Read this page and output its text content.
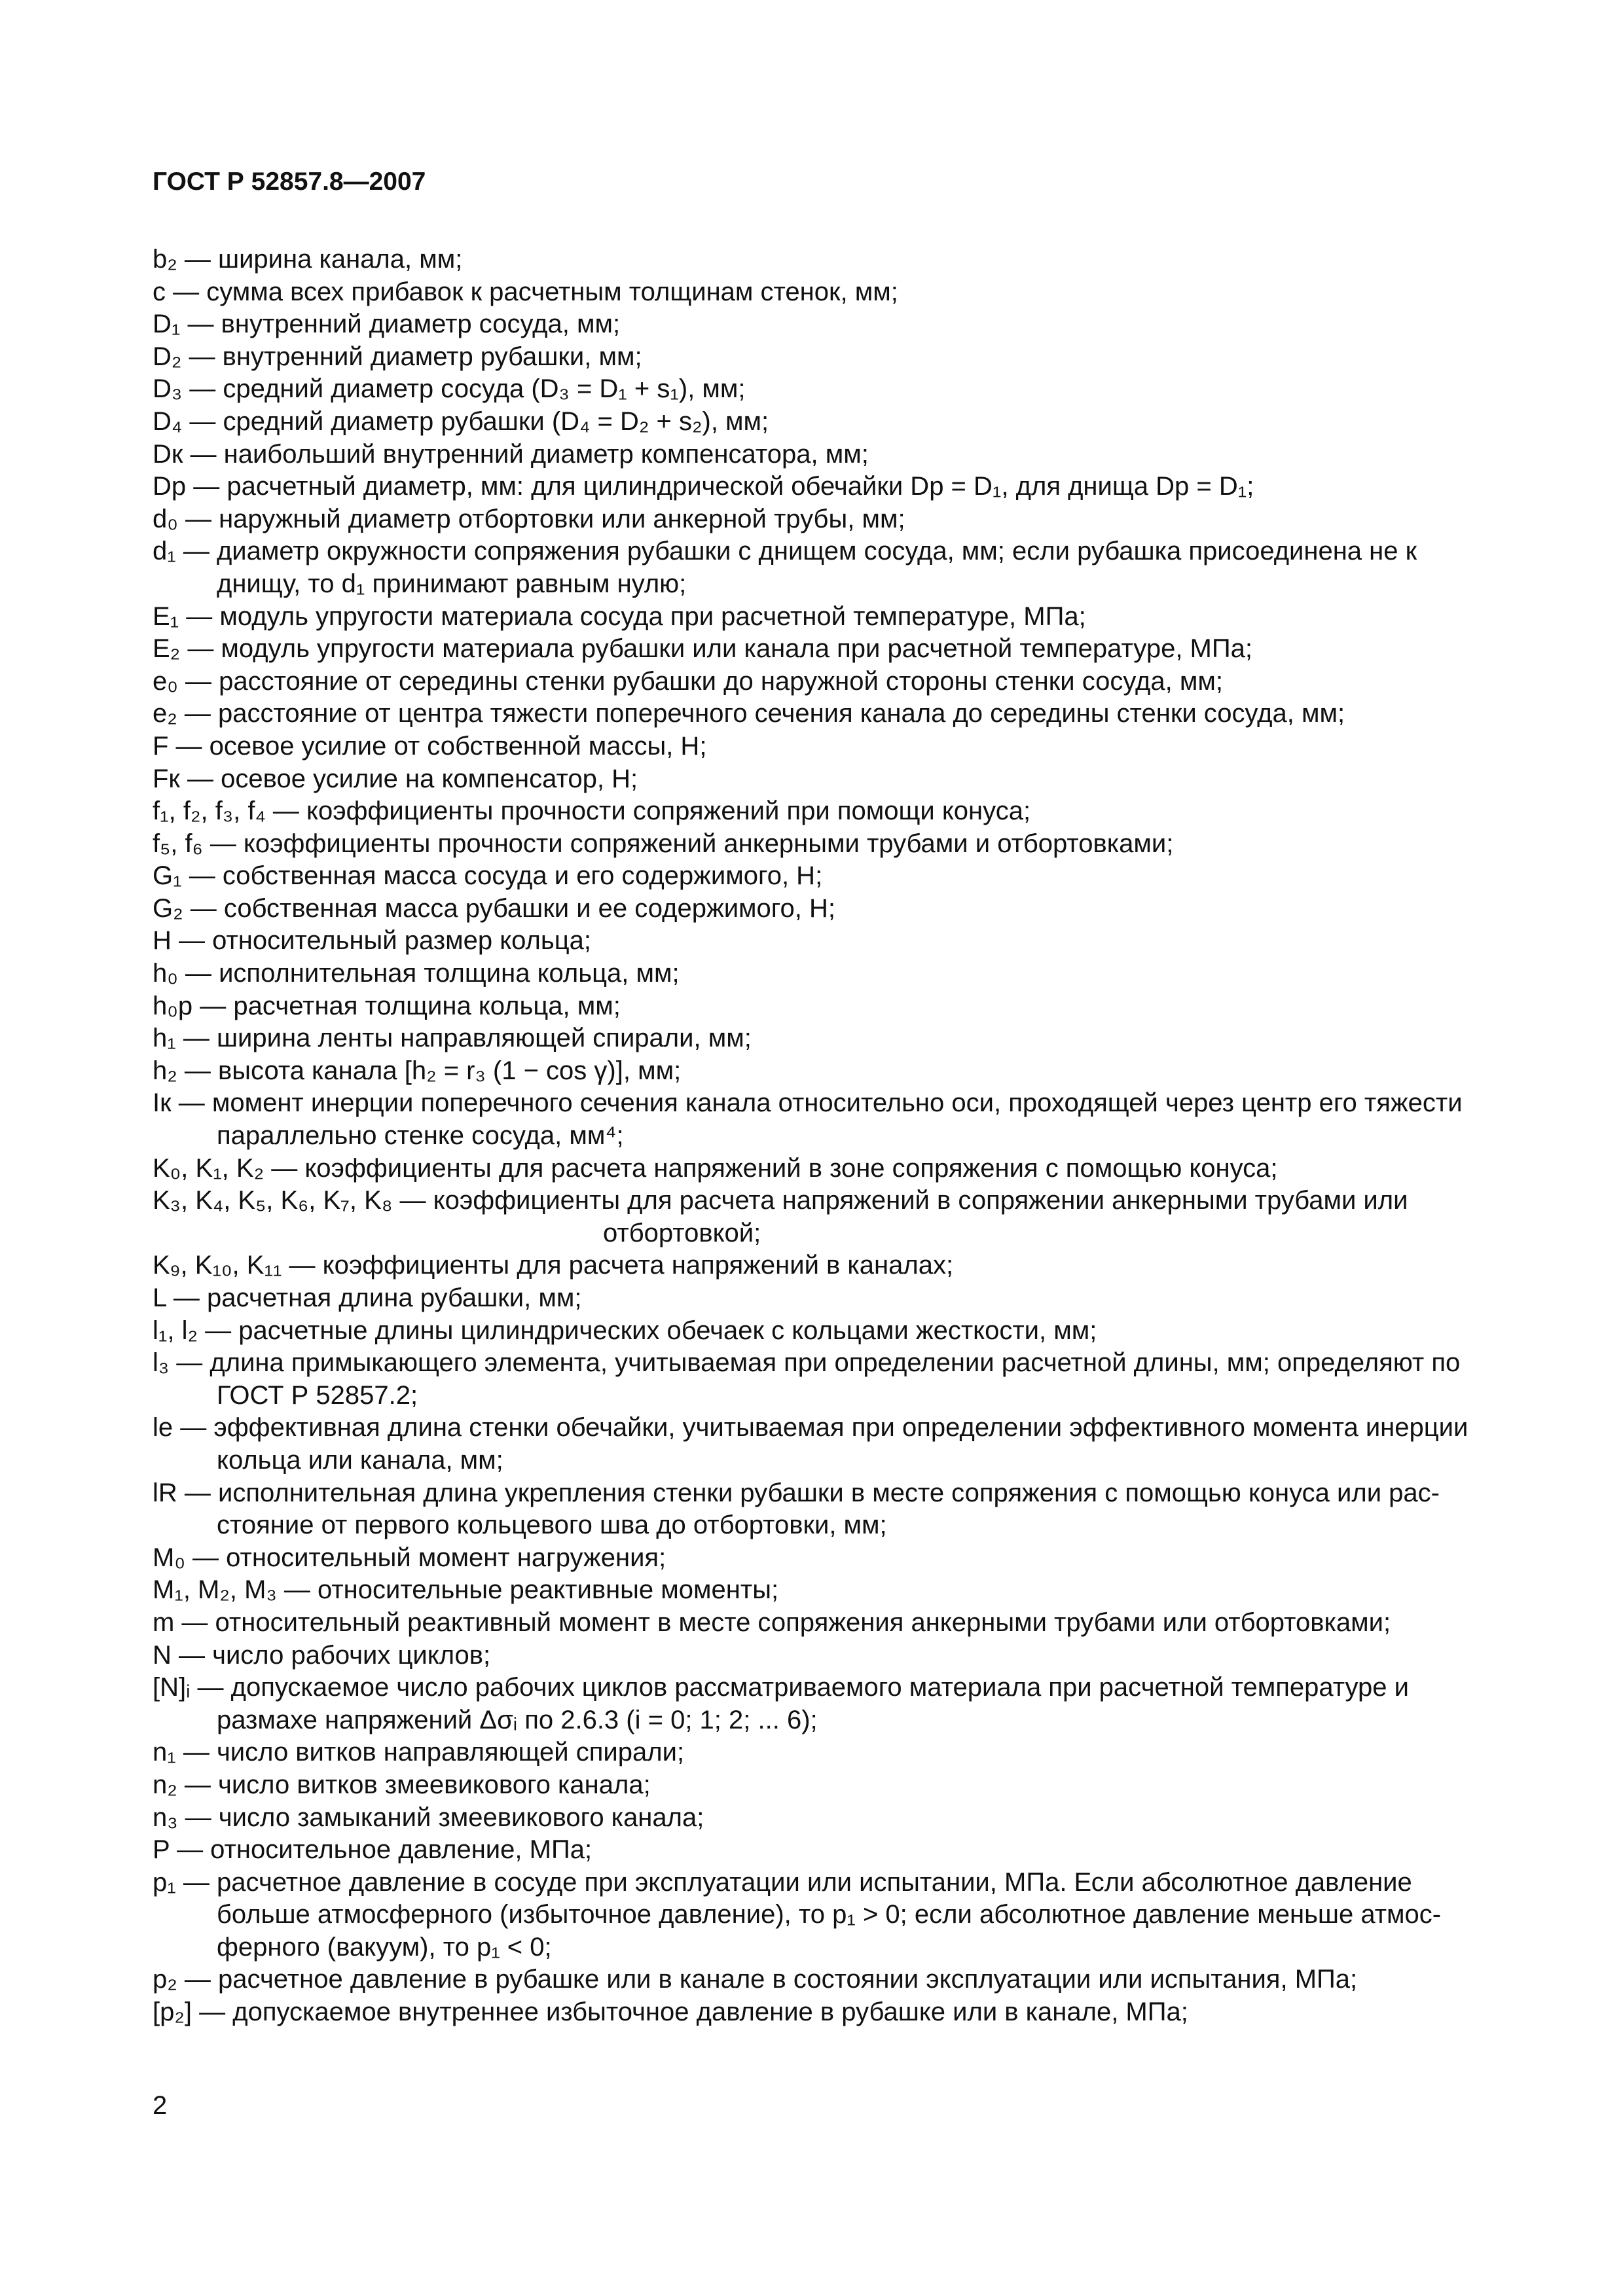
ГОСТ Р 52857.8—2007
b₂ — ширина канала, мм;
c — сумма всех прибавок к расчетным толщинам стенок, мм;
D₁ — внутренний диаметр сосуда, мм;
D₂ — внутренний диаметр рубашки, мм;
D₃ — средний диаметр сосуда (D₃ = D₁ + s₁), мм;
D₄ — средний диаметр рубашки (D₄ = D₂ + s₂), мм;
Dк — наибольший внутренний диаметр компенсатора, мм;
Dp — расчетный диаметр, мм: для цилиндрической обечайки Dp = D₁, для днища Dp = D₁;
d₀ — наружный диаметр отбортовки или анкерной трубы, мм;
d₁ — диаметр окружности сопряжения рубашки с днищем сосуда, мм; если рубашка присоединена не к
днищу, то d₁ принимают равным нулю;
E₁ — модуль упругости материала сосуда при расчетной температуре, МПа;
E₂ — модуль упругости материала рубашки или канала при расчетной температуре, МПа;
e₀ — расстояние от середины стенки рубашки до наружной стороны стенки сосуда, мм;
e₂ — расстояние от центра тяжести поперечного сечения канала до середины стенки сосуда, мм;
F — осевое усилие от собственной массы, Н;
Fк — осевое усилие на компенсатор, Н;
f₁, f₂, f₃, f₄ — коэффициенты прочности сопряжений при помощи конуса;
f₅, f₆ — коэффициенты прочности сопряжений анкерными трубами и отбортовками;
G₁ — собственная масса сосуда и его содержимого, Н;
G₂ — собственная масса рубашки и ее содержимого, Н;
H — относительный размер кольца;
h₀ — исполнительная толщина кольца, мм;
h₀p — расчетная толщина кольца, мм;
h₁ — ширина ленты направляющей спирали, мм;
h₂ — высота канала [h₂ = r₃ (1 − cos γ)], мм;
Iк — момент инерции поперечного сечения канала относительно оси, проходящей через центр его тяжести
параллельно стенке сосуда, мм⁴;
K₀, K₁, K₂ — коэффициенты для расчета напряжений в зоне сопряжения с помощью конуса;
K₃, K₄, K₅, K₆, K₇, K₈ — коэффициенты для расчета напряжений в сопряжении анкерными трубами или
отбортовкой;
K₉, K₁₀, K₁₁ — коэффициенты для расчета напряжений в каналах;
L — расчетная длина рубашки, мм;
l₁, l₂ — расчетные длины цилиндрических обечаек с кольцами жесткости, мм;
l₃ — длина примыкающего элемента, учитываемая при определении расчетной длины, мм; определяют по
ГОСТ Р 52857.2;
le — эффективная длина стенки обечайки, учитываемая при определении эффективного момента инерции
кольца или канала, мм;
lR — исполнительная длина укрепления стенки рубашки в месте сопряжения с помощью конуса или рас-
стояние от первого кольцевого шва до отбортовки, мм;
M₀ — относительный момент нагружения;
M₁, M₂, M₃ — относительные реактивные моменты;
m — относительный реактивный момент в месте сопряжения анкерными трубами или отбортовками;
N — число рабочих циклов;
[N]ᵢ — допускаемое число рабочих циклов рассматриваемого материала при расчетной температуре и
размахе напряжений Δσᵢ по 2.6.3 (i = 0; 1; 2; ... 6);
n₁ — число витков направляющей спирали;
n₂ — число витков змеевикового канала;
n₃ — число замыканий змеевикового канала;
P — относительное давление, МПа;
p₁ — расчетное давление в сосуде при эксплуатации или испытании, МПа. Если абсолютное давление
больше атмосферного (избыточное давление), то p₁ > 0; если абсолютное давление меньше атмос-
ферного (вакуум), то p₁ < 0;
p₂ — расчетное давление в рубашке или в канале в состоянии эксплуатации или испытания, МПа;
[p₂] — допускаемое внутреннее избыточное давление в рубашке или в канале, МПа;
2
